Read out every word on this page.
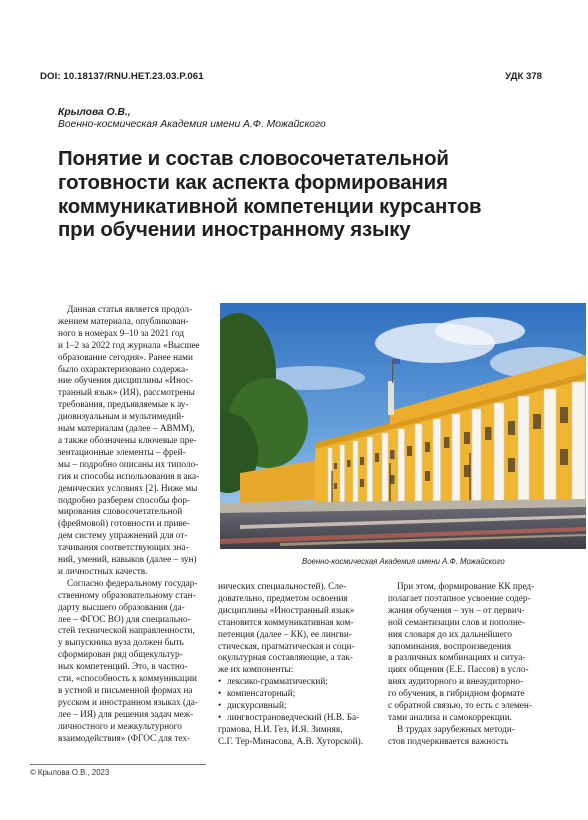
DOI: 10.18137/RNU.HET.23.03.P.061	УДК 378
Крылова О.В.,
Военно-космическая Академия имени А.Ф. Можайского
Понятие и состав словосочетательной
готовности как аспекта формирования
коммуникативной компетенции курсантов
при обучении иностранному языку
Данная статья является продол-
жением материала, опубликован-
ного в номерах 9–10 за 2021 год
и 1–2 за 2022 год журнала «Высшее
образование сегодня». Ранее нами
было охарактеризовано содержа-
ние обучения дисциплины «Инос-
транный язык» (ИЯ), рассмотрены
требования, предъявляемые к ау-
диовизуальным и мультимедий-
ным материалам (далее – АВММ),
а также обозначены ключевые пре-
зентационные элементы – фрей-
мы – подробно описаны их типоло-
гия и способы использования в ака-
демических условиях [2]. Ниже мы
подробно разберем способы фор-
мирования словосочетательной
(фреймовой) готовности и приве-
дем систему упражнений для от-
тачивания соответствующих зна-
ний, умений, навыков (далее – зун)
и личностных качеств.
Согласно федеральному государ-
ственному образовательному стан-
дарту высшего образования (да-
лее – ФГОС ВО) для специально-
стей технической направленности,
у выпускника вуза должен быть
сформирован ряд общекультур-
ных компетенций. Это, в частно-
сти, «способность к коммуникации
в устной и письменной формах на
русском и иностранном языках (да-
лее – ИЯ) для решения задач меж-
личностного и межкультурного
взаимодействия» (ФГОС для тех-
Военно-космическая Академия имени А.Ф. Можайского
нических специальностей). Сле-
довательно, предметом освоения
дисциплины «Иностранный язык»
становится коммуникативная ком-
петенция (далее – КК), ее лингви-
стическая, прагматическая и соци-
окультурная составляющие, а так-
же их компоненты:
• лексико-грамматический;
• компенсаторный;
• дискурсивный;
• лингвострановедческий (Н.В. Ба-
грамова, Н.И. Гез, И.Я. Зимняя,
С.Г. Тер-Минасова, А.В. Хуторской).
При этом, формирование КК пред-
полагает поэтапное усвоение содер-
жания обучения – зун – от первич-
ной семантизации слов и пополне-
ния словаря до их дальнейшего
запоминания, воспроизведения
в различных комбинациях и ситуа-
циях общения (Е.Е. Пассов) в усло-
виях аудиторного и внеаудиторно-
го обучения, в гибридном формате
с обратной связью, то есть с элемен-
тами анализа и самокоррекции.
В трудах зарубежных методи-
стов подчеркивается важность
© Крылова О.В., 2023
